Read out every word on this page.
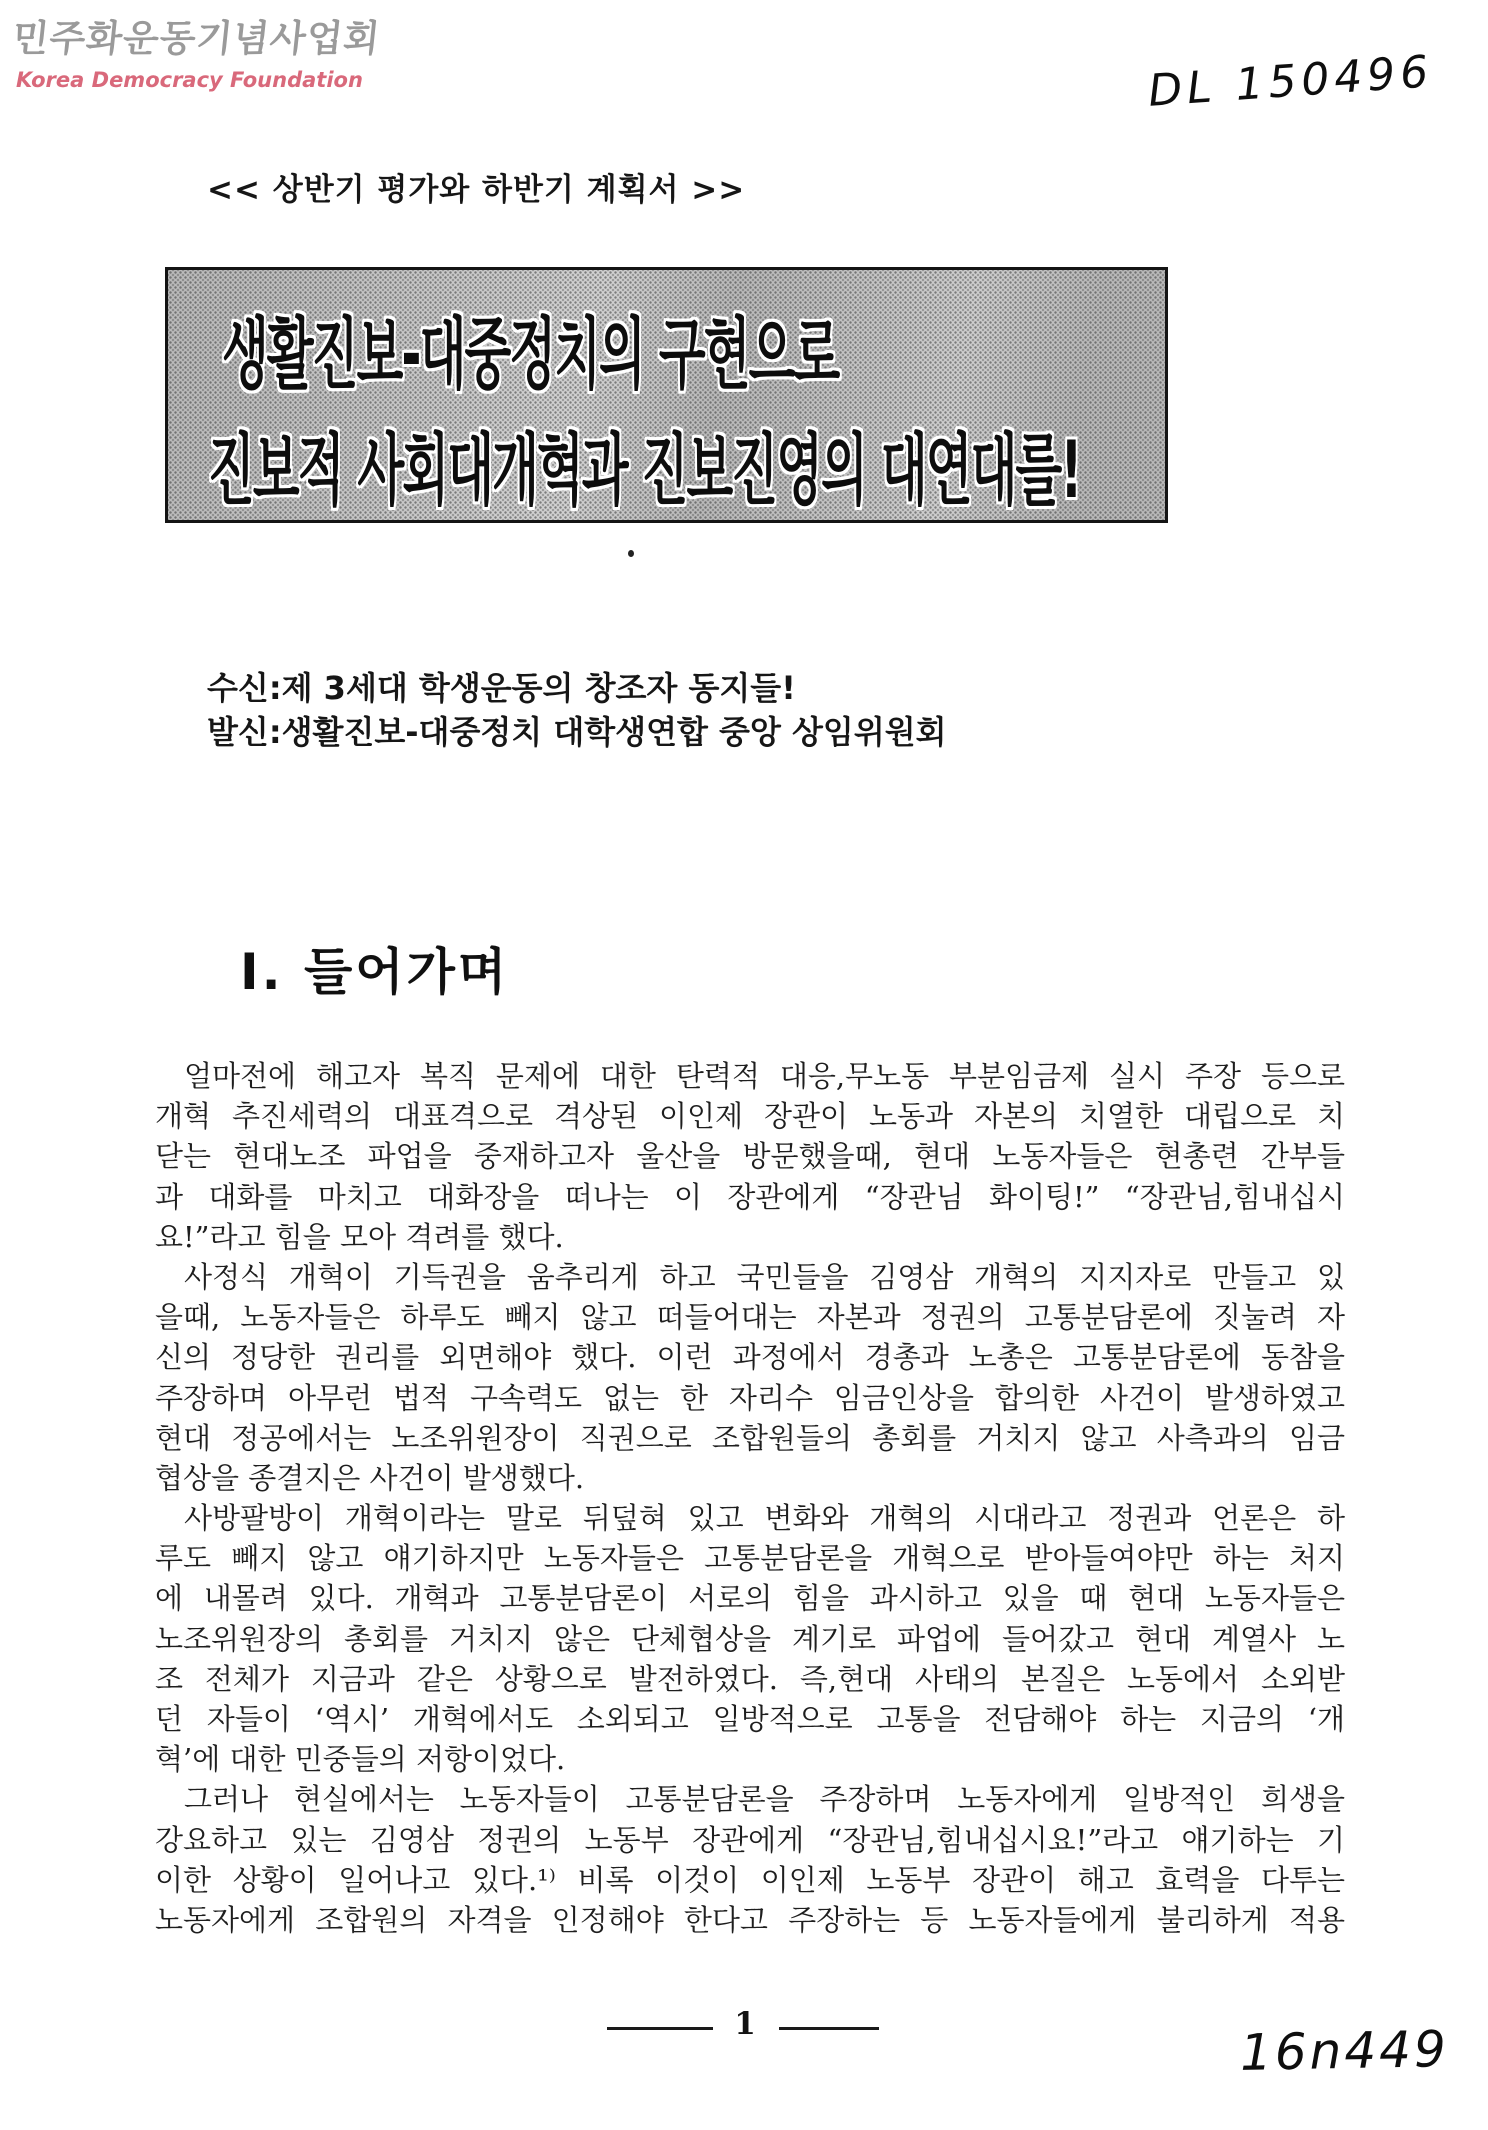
민주화운동기념사업회
Korea Democracy Foundation	DL 150496
<< 상반기 평가와 하반기 계획서 >>
생활진보-대중정치의 구현으로
진보적 사회대개혁과 진보진영의 대연대를!
수신:제 3세대 학생운동의 창조자 동지들!
발신:생활진보-대중정치 대학생연합 중앙 상임위원회
Ⅰ. 들어가며
얼마전에 해고자 복직 문제에 대한 탄력적 대응,무노동 부분임금제 실시 주장 등으로
개혁 추진세력의 대표격으로 격상된 이인제 장관이 노동과 자본의 치열한 대립으로 치
닫는 현대노조 파업을 중재하고자 울산을 방문했을때, 현대 노동자들은 현총련 간부들
과 대화를 마치고 대화장을 떠나는 이 장관에게 “장관님 화이팅!” “장관님,힘내십시
요!”라고 힘을 모아 격려를 했다.
사정식 개혁이 기득권을 움추리게 하고 국민들을 김영삼 개혁의 지지자로 만들고 있
을때, 노동자들은 하루도 빼지 않고 떠들어대는 자본과 정권의 고통분담론에 짓눌려 자
신의 정당한 권리를 외면해야 했다. 이런 과정에서 경총과 노총은 고통분담론에 동참을
주장하며 아무런 법적 구속력도 없는 한 자리수 임금인상을 합의한 사건이 발생하였고
현대 정공에서는 노조위원장이 직권으로 조합원들의 총회를 거치지 않고 사측과의 임금
협상을 종결지은 사건이 발생했다.
사방팔방이 개혁이라는 말로 뒤덮혀 있고 변화와 개혁의 시대라고 정권과 언론은 하
루도 빼지 않고 얘기하지만 노동자들은 고통분담론을 개혁으로 받아들여야만 하는 처지
에 내몰려 있다. 개혁과 고통분담론이 서로의 힘을 과시하고 있을 때 현대 노동자들은
노조위원장의 총회를 거치지 않은 단체협상을 계기로 파업에 들어갔고 현대 계열사 노
조 전체가 지금과 같은 상황으로 발전하였다. 즉,현대 사태의 본질은 노동에서 소외받
던 자들이 ‘역시’ 개혁에서도 소외되고 일방적으로 고통을 전담해야 하는 지금의 ‘개
혁’에 대한 민중들의 저항이었다.
그러나 현실에서는 노동자들이 고통분담론을 주장하며 노동자에게 일방적인 희생을
강요하고 있는 김영삼 정권의 노동부 장관에게 “장관님,힘내십시요!”라고 얘기하는 기
이한 상황이 일어나고 있다.¹⁾ 비록 이것이 이인제 노동부 장관이 해고 효력을 다투는
노동자에게 조합원의 자격을 인정해야 한다고 주장하는 등 노동자들에게 불리하게 적용
1	16n449
